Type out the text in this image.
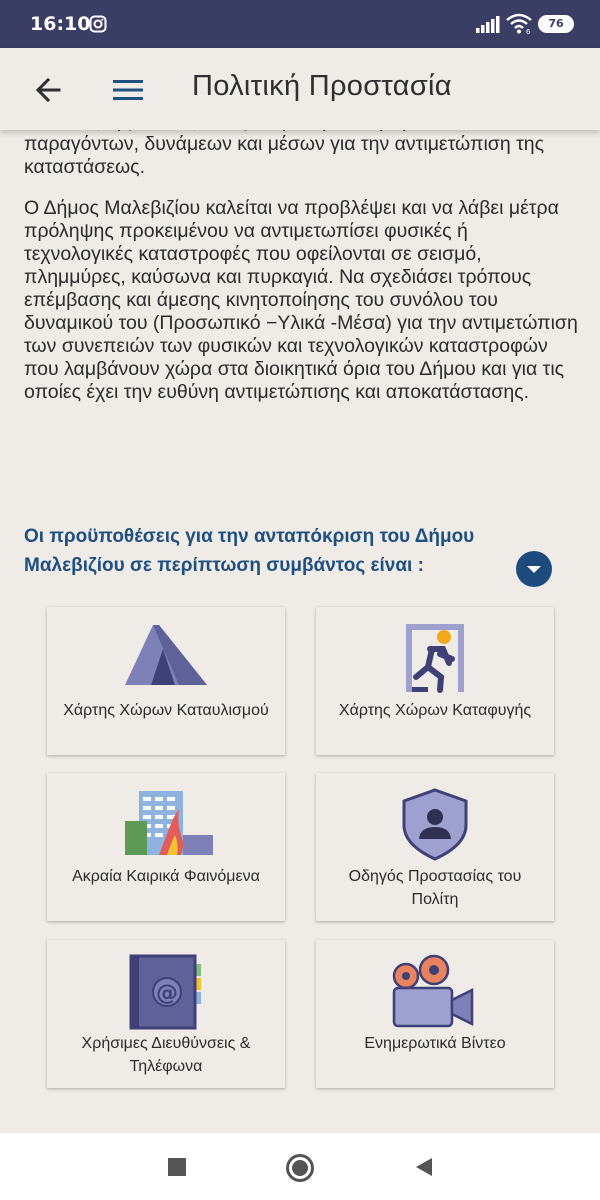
16:10	6
76
Πολιτική Προστασία

παραγόντων, δυνάμεων και μέσων για την αντιμετώπιση της καταστάσεως.

Ο Δήμος Μαλεβιζίου καλείται να προβλέψει και να λάβει μέτρα πρόληψης προκειμένου να αντιμετωπίσει φυσικές ή τεχνολογικές καταστροφές που οφείλονται σε σεισμό, πλημμύρες, καύσωνα και πυρκαγιά. Να σχεδιάσει τρόπους επέμβασης και άμεσης κινητοποίησης του συνόλου του δυναμικού του (Προσωπικό −Υλικά -Μέσα) για την αντιμετώπιση των συνεπειών των φυσικών και τεχνολογικών καταστροφών που λαμβάνουν χώρα στα διοικητικά όρια του Δήμου και για τις οποίες έχει την ευθύνη αντιμετώπισης και αποκατάστασης.

Οι προϋποθέσεις για την ανταπόκριση του Δήμου Μαλεβιζίου σε περίπτωση συμβάντος είναι :
Χάρτης Χώρων Καταυλισμού	Χάρτης Χώρων Καταφυγής
Ακραία Καιρικά Φαινόμενα	Οδηγός Προστασίας του Πολίτη
@
Χρήσιμες Διευθύνσεις & Τηλέφωνα
Ενημερωτικά Βίντεο
